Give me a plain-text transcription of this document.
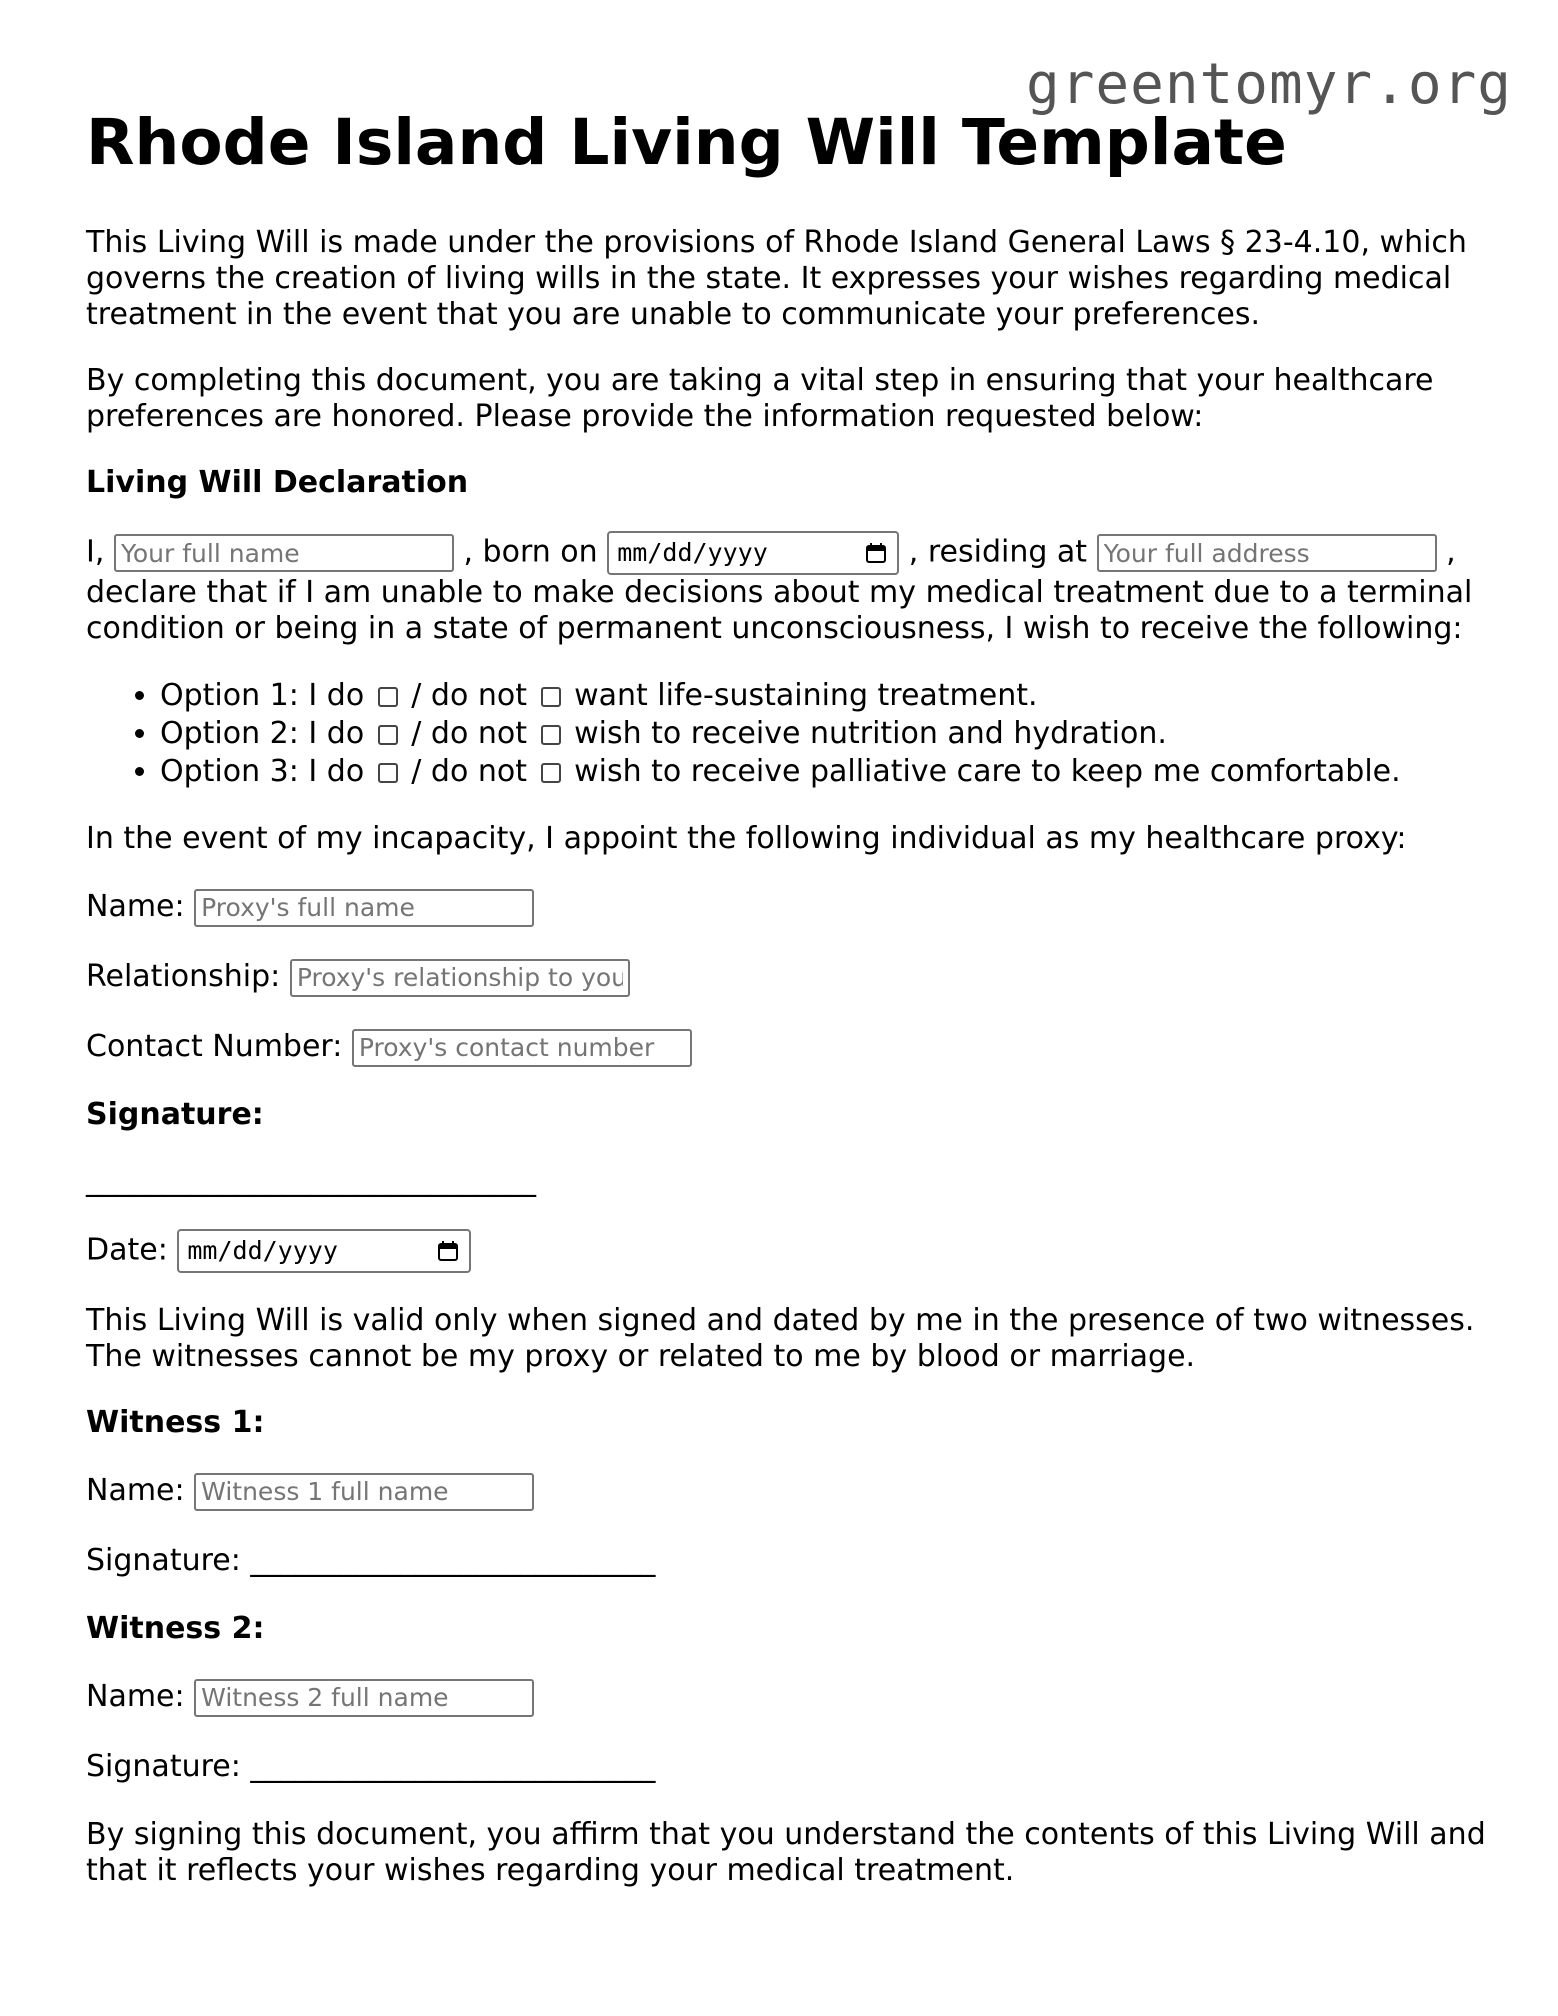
greentomyr.org
Rhode Island Living Will Template

This Living Will is made under the provisions of Rhode Island General Laws § 23-4.10, which governs the creation of living wills in the state. It expresses your wishes regarding medical treatment in the event that you are unable to communicate your preferences.

By completing this document, you are taking a vital step in ensuring that your healthcare preferences are honored. Please provide the information requested below:

Living Will Declaration

I, Your full name	, born on mm/dd/yyyy	, residing at Your full address	, declare that if I am unable to make decisions about my medical treatment due to a terminal condition or being in a state of permanent unconsciousness, I wish to receive the following:

• Option 1: I do / do not want life-sustaining treatment.
• Option 2: I do / do not wish to receive nutrition and hydration.
• Option 3: I do / do not wish to receive palliative care to keep me comfortable.

In the event of my incapacity, I appoint the following individual as my healthcare proxy:

Name: Proxy's full name
Relationship: Proxy's relationship to you
Contact Number: Proxy's contact number
Signature:

______________________________

Date: mm/dd/yyyy

This Living Will is valid only when signed and dated by me in the presence of two witnesses. The witnesses cannot be my proxy or related to me by blood or marriage.

Witness 1:
Name: Witness 1 full name
Signature: ___________________________
Witness 2:
Name: Witness 2 full name
Signature: ___________________________

By signing this document, you affirm that you understand the contents of this Living Will and that it reflects your wishes regarding your medical treatment.
